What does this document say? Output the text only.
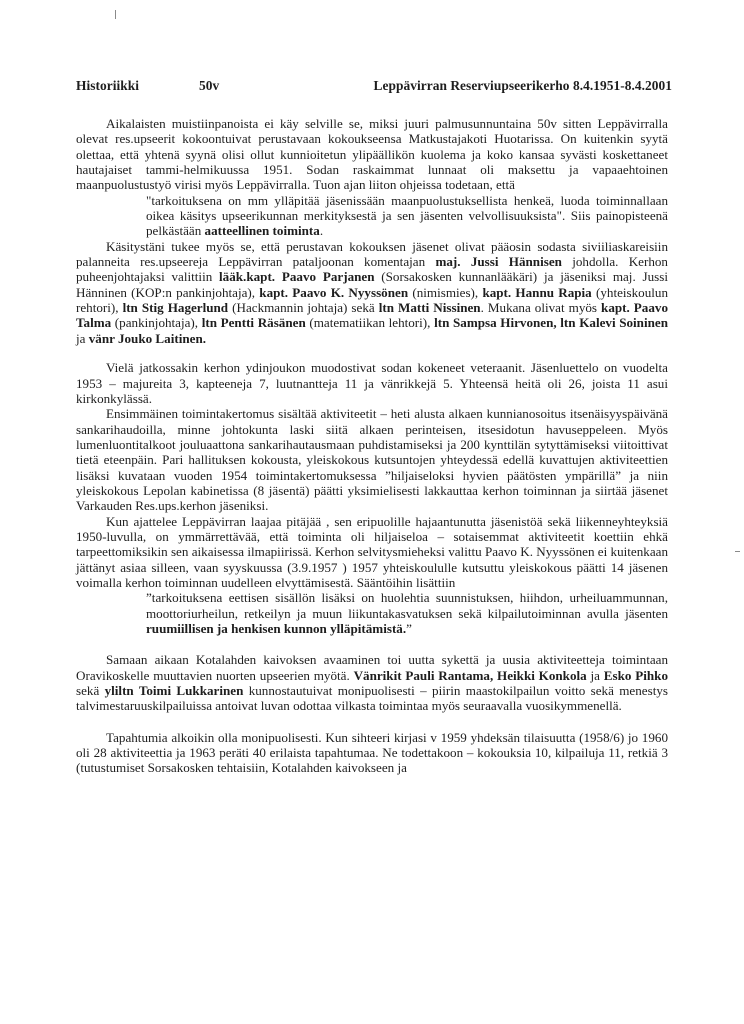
Historiikki	50v	Leppävirran Reserviupseerikerho 8.4.1951-8.4.2001

Aikalaisten muistiinpanoista ei käy selville se, miksi juuri palmusunnuntaina 50v sitten Leppävirralla olevat res.upseerit kokoontuivat perustavaan kokoukseensa Matkustajakoti Huotarissa. On kuitenkin syytä olettaa, että yhtenä syynä olisi ollut kunnioitetun ylipäällikön kuolema ja koko kansaa syvästi koskettaneet hautajaiset tammi-helmikuussa 1951. Sodan raskaimmat lunnaat oli maksettu ja vapaaehtoinen maanpuolustustyö virisi myös Leppävirralla. Tuon ajan liiton ohjeissa todetaan, että

"tarkoituksena on mm ylläpitää jäsenissään maanpuolustuksellista henkeä, luoda toiminnallaan oikea käsitys upseerikunnan merkityksestä ja sen jäsenten velvollisuuksista". Siis painopisteenä pelkästään aatteellinen toiminta.

Käsitystäni tukee myös se, että perustavan kokouksen jäsenet olivat pääosin sodasta siviiliaskareisiin palanneita res.upseereja Leppävirran pataljoonan komentajan maj. Jussi Hännisen johdolla. Kerhon puheenjohtajaksi valittiin lääk.kapt. Paavo Parjanen (Sorsakosken kunnanlääkäri) ja jäseniksi maj. Jussi Hänninen (KOP:n pankinjohtaja), kapt. Paavo K. Nyyssönen (nimismies), kapt. Hannu Rapia (yhteiskoulun rehtori), ltn Stig Hagerlund (Hackmannin johtaja) sekä ltn Matti Nissinen. Mukana olivat myös kapt. Paavo Talma (pankinjohtaja), ltn Pentti Räsänen (matematiikan lehtori), ltn Sampsa Hirvonen, ltn Kalevi Soininen ja vänr Jouko Laitinen.

Vielä jatkossakin kerhon ydinjoukon muodostivat sodan kokeneet veteraanit. Jäsenluettelo on vuodelta 1953 – majureita 3, kapteeneja 7, luutnantteja 11 ja vänrikkejä 5. Yhteensä heitä oli 26, joista 11 asui kirkonkylässä.

Ensimmäinen toimintakertomus sisältää aktiviteetit – heti alusta alkaen kunnianosoitus itsenäisyyspäivänä sankarihaudoilla, minne johtokunta laski siitä alkaen perinteisen, itsesidotun havuseppeleen. Myös lumenluontitalkoot jouluaattona sankarihautausmaan puhdistamiseksi ja 200 kynttilän sytyttämiseksi viitoittivat tietä eteenpäin. Pari hallituksen kokousta, yleiskokous kutsuntojen yhteydessä edellä kuvattujen aktiviteettien lisäksi kuvataan vuoden 1954 toimintakertomuksessa ”hiljaiseloksi hyvien päätösten ympärillä” ja niin yleiskokous Lepolan kabinetissa (8 jäsentä) päätti yksimielisesti lakkauttaa kerhon toiminnan ja siirtää jäsenet Varkauden Res.ups.kerhon jäseniksi.

Kun ajattelee Leppävirran laajaa pitäjää , sen eripuolille hajaantunutta jäsenistöä sekä liikenneyhteyksiä 1950-luvulla, on ymmärrettävää, että toiminta oli hiljaiseloa – sotaisemmat aktiviteetit koettiin ehkä tarpeettomiksikin sen aikaisessa ilmapiirissä. Kerhon selvitysmieheksi valittu Paavo K. Nyyssönen ei kuitenkaan jättänyt asiaa silleen, vaan syyskuussa (3.9.1957 ) 1957 yhteiskoululle kutsuttu yleiskokous päätti 14 jäsenen voimalla kerhon toiminnan uudelleen elvyttämisestä. Sääntöihin lisättiin

”tarkoituksena eettisen sisällön lisäksi on huolehtia suunnistuksen, hiihdon, urheiluammunnan, moottoriurheilun, retkeilyn ja muun liikuntakasvatuksen sekä kilpailutoiminnan avulla jäsenten ruumiillisen ja henkisen kunnon ylläpitämistä.”

Samaan aikaan Kotalahden kaivoksen avaaminen toi uutta sykettä ja uusia aktiviteetteja toimintaan Oravikoskelle muuttavien nuorten upseerien myötä. Vänrikit Pauli Rantama, Heikki Konkola ja Esko Pihko sekä yliltn Toimi Lukkarinen kunnostautuivat monipuolisesti – piirin maastokilpailun voitto sekä menestys talvimestaruuskilpailuissa antoivat luvan odottaa vilkasta toimintaa myös seuraavalla vuosikymmenellä.

Tapahtumia alkoikin olla monipuolisesti. Kun sihteeri kirjasi v 1959 yhdeksän tilaisuutta (1958/6) jo 1960 oli 28 aktiviteettia ja 1963 peräti 40 erilaista tapahtumaa. Ne todettakoon – kokouksia 10, kilpailuja 11, retkiä 3 (tutustumiset Sorsakosken tehtaisiin, Kotalahden kaivokseen ja
